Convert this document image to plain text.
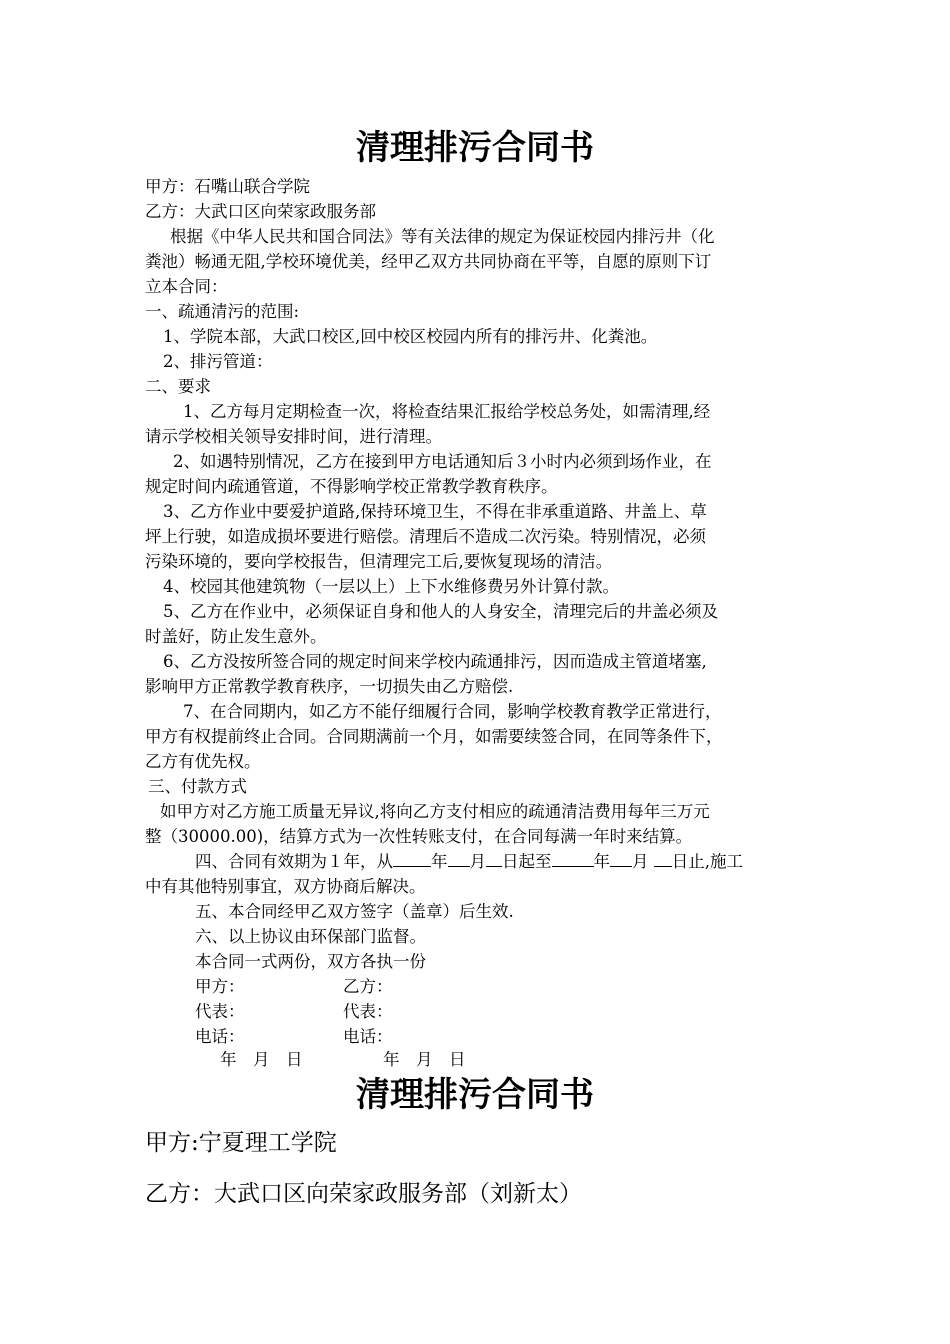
清理排污合同书
甲方：石嘴山联合学院
乙方：大武口区向荣家政服务部
根据《中华人民共和国合同法》等有关法律的规定为保证校园内排污井（化
粪池）畅通无阻,学校环境优美，经甲乙双方共同协商在平等，自愿的原则下订
立本合同：
一、疏通清污的范围:
1、学院本部，大武口校区,回中校区校园内所有的排污井、化粪池。
2、排污管道：
二、要求
1、乙方每月定期检查一次，将检查结果汇报给学校总务处，如需清理,经
请示学校相关领导安排时间，进行清理。
2、如遇特别情况，乙方在接到甲方电话通知后３小时内必须到场作业，在
规定时间内疏通管道，不得影响学校正常教学教育秩序。
3、乙方作业中要爱护道路,保持环境卫生，不得在非承重道路、井盖上、草
坪上行驶，如造成损坏要进行赔偿。清理后不造成二次污染。特别情况，必须
污染环境的，要向学校报告，但清理完工后,要恢复现场的清洁。
4、校园其他建筑物（一层以上）上下水维修费另外计算付款。
5、乙方在作业中，必须保证自身和他人的人身安全，清理完后的井盖必须及
时盖好，防止发生意外。
6、乙方没按所签合同的规定时间来学校内疏通排污，因而造成主管道堵塞,
影响甲方正常教学教育秩序，一切损失由乙方赔偿.
7、在合同期内，如乙方不能仔细履行合同，影响学校教育教学正常进行，
甲方有权提前终止合同。合同期满前一个月，如需要续签合同，在同等条件下，
乙方有优先权。
三、付款方式
如甲方对乙方施工质量无异议,将向乙方支付相应的疏通清洁费用每年三万元
整（30000.00)，结算方式为一次性转账支付，在合同每满一年时来结算。
四、合同有效期为１年，从 年 月 日起至	年 月 日止,施工
中有其他特别事宜，双方协商后解决。
五、本合同经甲乙双方签字（盖章）后生效.
六、以上协议由环保部门监督。
本合同一式两份，双方各执一份
甲方：	乙方：
代表：	代表：
电话：	电话：
年　月　日	年　月　日
清理排污合同书
甲方:宁夏理工学院
乙方：大武口区向荣家政服务部（刘新太）
